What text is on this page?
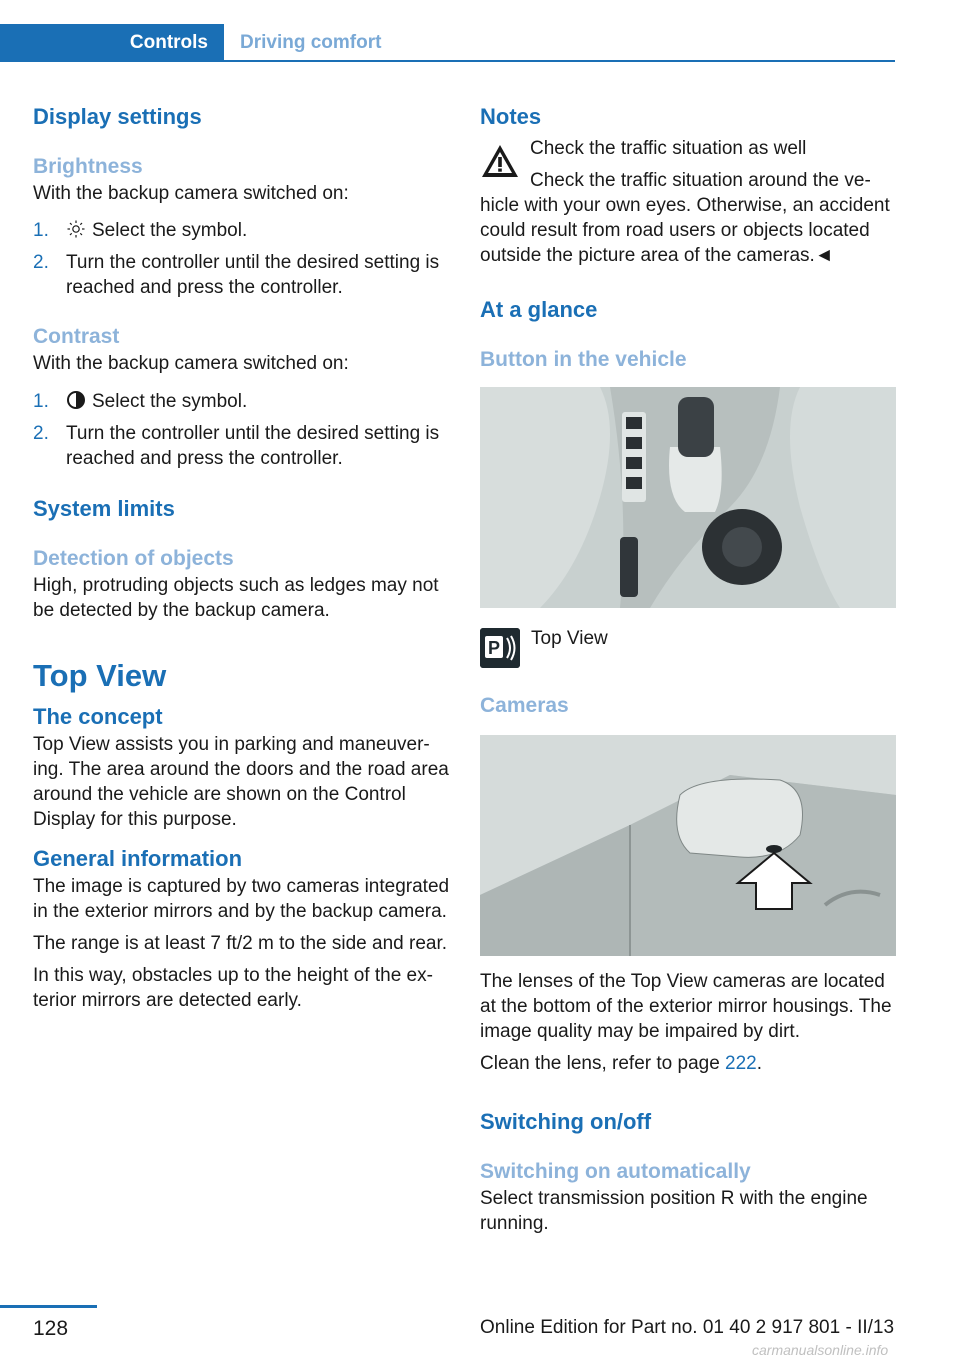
Controls	Driving comfort
Display settings
Brightness

With the backup camera switched on:

1. Select the symbol.
2. Turn the controller until the desired setting is reached and press the controller.
Contrast

With the backup camera switched on:

1. Select the symbol.
2. Turn the controller until the desired setting is reached and press the controller.
System limits
Detection of objects

High, protruding objects such as ledges may not be detected by the backup camera.

Top View
The concept

Top View assists you in parking and maneuver-ing. The area around the doors and the road area around the vehicle are shown on the Control Display for this purpose.

General information

The image is captured by two cameras integrated in the exterior mirrors and by the backup camera.

The range is at least 7 ft/2 m to the side and rear.

In this way, obstacles up to the height of the ex-terior mirrors are detected early.

Notes

Check the traffic situation as well

Check the traffic situation around the ve-

hicle with your own eyes. Otherwise, an accident could result from road users or objects located outside the picture area of the cameras.◄

At a glance
Button in the vehicle
P Top View

Cameras

The lenses of the Top View cameras are located at the bottom of the exterior mirror housings. The image quality may be impaired by dirt.

Clean the lens, refer to page 222.

Switching on/off
Switching on automatically

Select transmission position R with the engine running.

128	Online Edition for Part no. 01 40 2 917 801 - II/13
carmanualsonline.info
